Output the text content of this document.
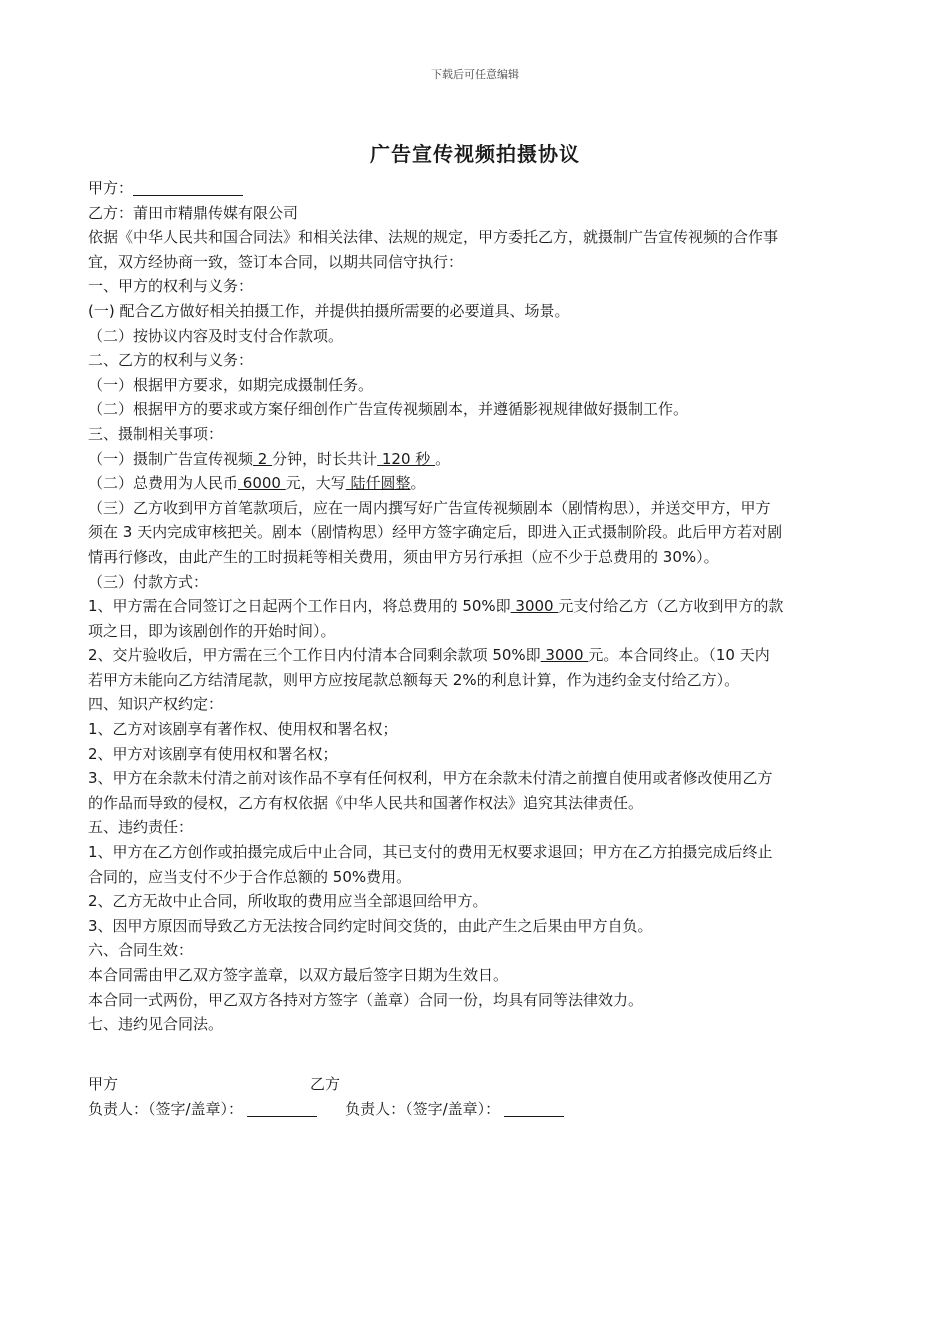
下载后可任意编辑
广告宣传视频拍摄协议

甲方：

乙方：莆田市精鼎传媒有限公司

依据《中华人民共和国合同法》和相关法律、法规的规定，甲方委托乙方，就摄制广告宣传视频的合作事

宜，双方经协商一致，签订本合同，以期共同信守执行：

一、甲方的权利与义务：

(一) 配合乙方做好相关拍摄工作，并提供拍摄所需要的必要道具、场景。

（二）按协议内容及时支付合作款项。

二、乙方的权利与义务：

（一）根据甲方要求，如期完成摄制任务。

（二）根据甲方的要求或方案仔细创作广告宣传视频剧本，并遵循影视规律做好摄制工作。

三、摄制相关事项：

（一）摄制广告宣传视频 2 分钟，时长共计 120 秒 。

（二）总费用为人民币 6000 元，大写 陆仟圆整。

（三）乙方收到甲方首笔款项后，应在一周内撰写好广告宣传视频剧本（剧情构思），并送交甲方，甲方

须在 3 天内完成审核把关。剧本（剧情构思）经甲方签字确定后，即进入正式摄制阶段。此后甲方若对剧

情再行修改，由此产生的工时损耗等相关费用，须由甲方另行承担（应不少于总费用的 30%）。

（三）付款方式：

1、甲方需在合同签订之日起两个工作日内，将总费用的 50%即 3000 元支付给乙方（乙方收到甲方的款

项之日，即为该剧创作的开始时间）。

2、交片验收后，甲方需在三个工作日内付清本合同剩余款项 50%即 3000 元。本合同终止。（10 天内

若甲方未能向乙方结清尾款，则甲方应按尾款总额每天 2%的利息计算，作为违约金支付给乙方）。

四、知识产权约定：

1、乙方对该剧享有著作权、使用权和署名权；

2、甲方对该剧享有使用权和署名权；

3、甲方在余款未付清之前对该作品不享有任何权利，甲方在余款未付清之前擅自使用或者修改使用乙方

的作品而导致的侵权，乙方有权依据《中华人民共和国著作权法》追究其法律责任。

五、违约责任：

1、甲方在乙方创作或拍摄完成后中止合同，其已支付的费用无权要求退回；甲方在乙方拍摄完成后终止

合同的，应当支付不少于合作总额的 50%费用。

2、乙方无故中止合同，所收取的费用应当全部退回给甲方。

3、因甲方原因而导致乙方无法按合同约定时间交货的，由此产生之后果由甲方自负。

六、合同生效：

本合同需由甲乙双方签字盖章，以双方最后签字日期为生效日。

本合同一式两份，甲乙双方各持对方签字（盖章）合同一份，均具有同等法律效力。

七、违约见合同法。

甲方	乙方
负责人：（签字/盖章）：	负责人：（签字/盖章）：
